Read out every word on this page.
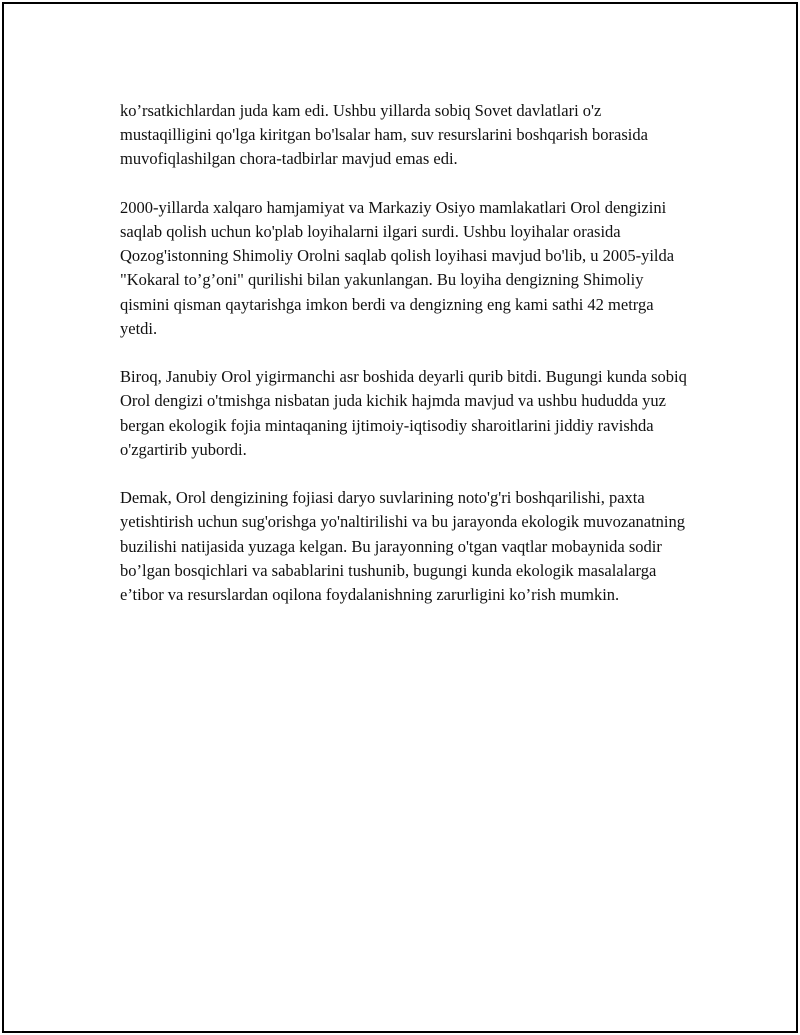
ko’rsatkichlardan juda kam edi. Ushbu yillarda sobiq Sovet davlatlari o'z mustaqilligini qo'lga kiritgan bo'lsalar ham, suv resurslarini boshqarish borasida muvofiqlashilgan chora-tadbirlar mavjud emas edi.

2000-yillarda xalqaro hamjamiyat va Markaziy Osiyo mamlakatlari Orol dengizini saqlab qolish uchun ko'plab loyihalarni ilgari surdi. Ushbu loyihalar orasida Qozog'istonning Shimoliy Orolni saqlab qolish loyihasi mavjud bo'lib, u 2005-yilda "Kokaral to’g’oni" qurilishi bilan yakunlangan. Bu loyiha dengizning Shimoliy qismini qisman qaytarishga imkon berdi va dengizning eng kami sathi 42 metrga yetdi.

Biroq, Janubiy Orol yigirmanchi asr boshida deyarli qurib bitdi. Bugungi kunda sobiq Orol dengizi o'tmishga nisbatan juda kichik hajmda mavjud va ushbu hududda yuz bergan ekologik fojia mintaqaning ijtimoiy-iqtisodiy sharoitlarini jiddiy ravishda o'zgartirib yubordi.

Demak, Orol dengizining fojiasi daryo suvlarining noto'g'ri boshqarilishi, paxta yetishtirish uchun sug'orishga yo'naltirilishi va bu jarayonda ekologik muvozanatning buzilishi natijasida yuzaga kelgan. Bu jarayonning o'tgan vaqtlar mobaynida sodir bo’lgan bosqichlari va sabablarini tushunib, bugungi kunda ekologik masalalarga e’tibor va resurslardan oqilona foydalanishning zarurligini ko’rish mumkin.
